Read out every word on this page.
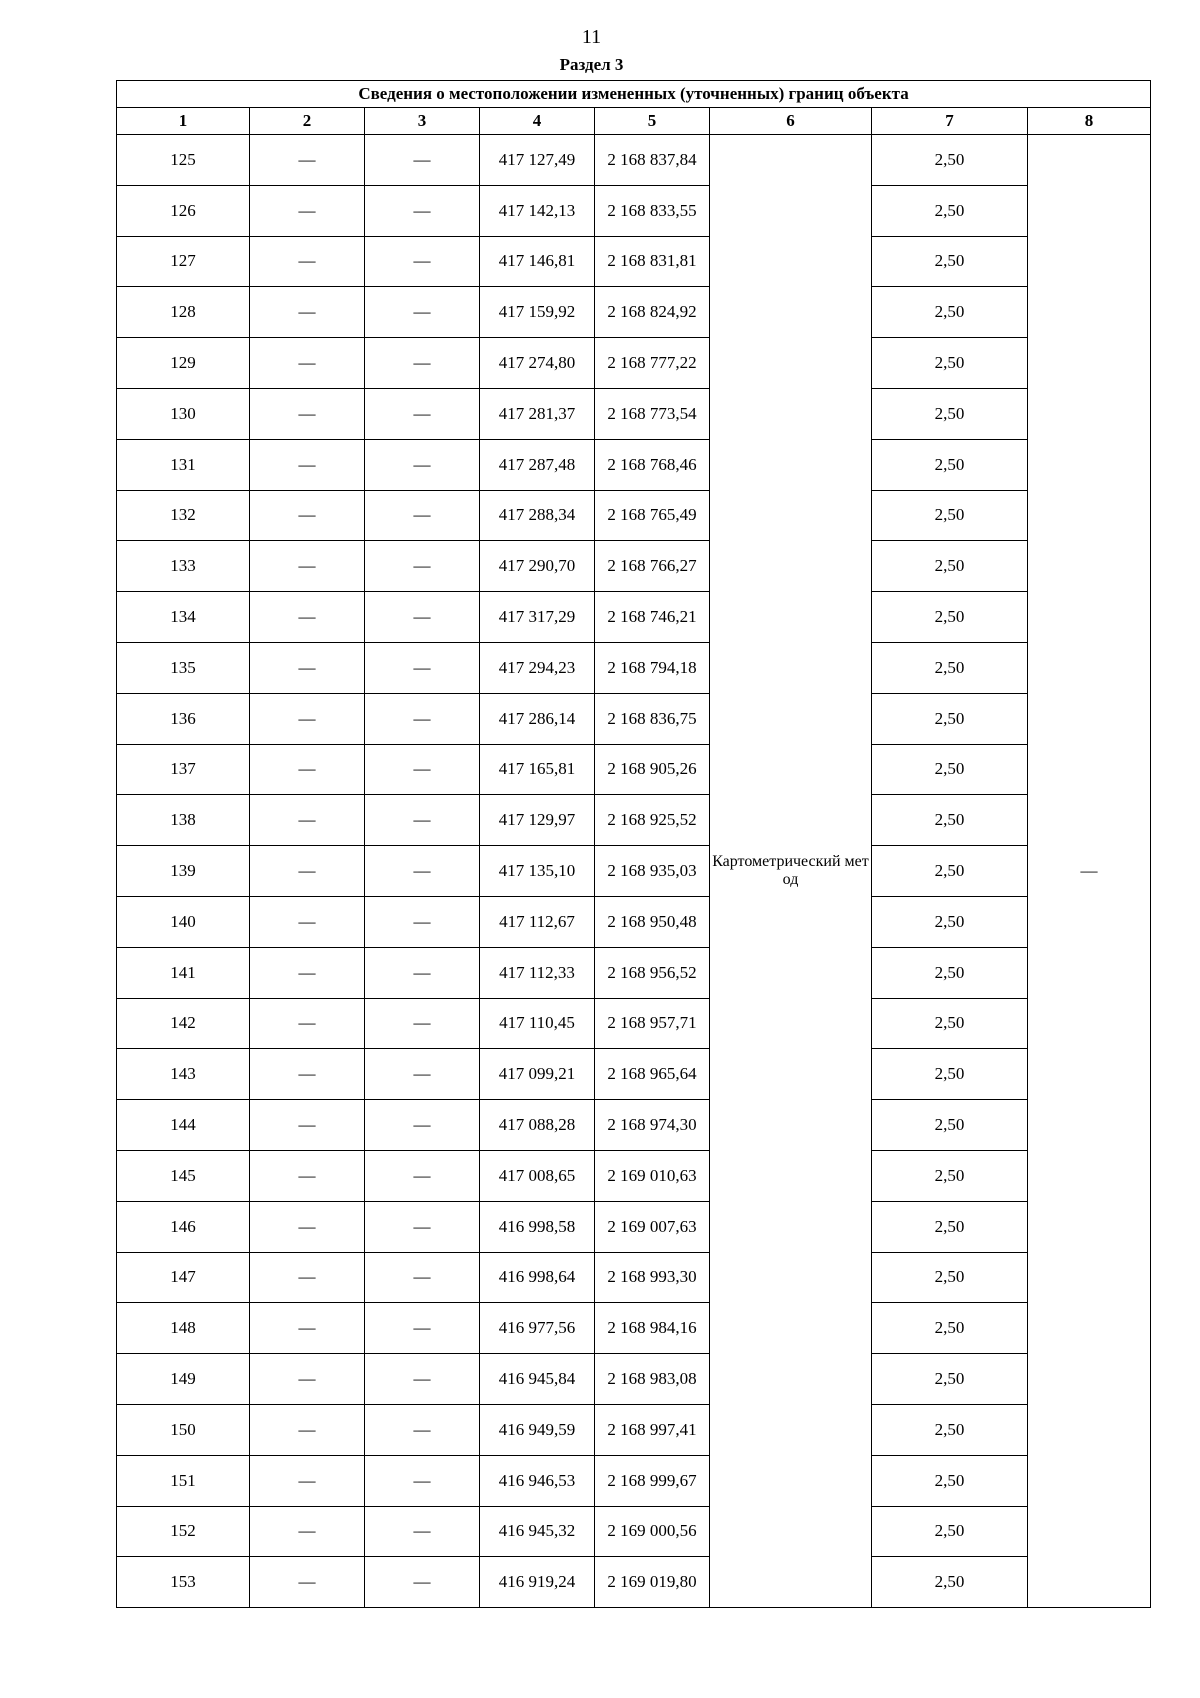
11
Раздел 3
Сведения о местоположении измененных (уточненных) границ объекта							
1	2	3	4	5	6	7	8
125	—	—	417 127,49	2 168 837,84	Картометрический метод	2,50	—
126	—	—	417 142,13	2 168 833,55		2,50	
127	—	—	417 146,81	2 168 831,81		2,50	
128	—	—	417 159,92	2 168 824,92		2,50	
129	—	—	417 274,80	2 168 777,22		2,50	
130	—	—	417 281,37	2 168 773,54		2,50	
131	—	—	417 287,48	2 168 768,46		2,50	
132	—	—	417 288,34	2 168 765,49		2,50	
133	—	—	417 290,70	2 168 766,27		2,50	
134	—	—	417 317,29	2 168 746,21		2,50	
135	—	—	417 294,23	2 168 794,18		2,50	
136	—	—	417 286,14	2 168 836,75		2,50	
137	—	—	417 165,81	2 168 905,26		2,50	
138	—	—	417 129,97	2 168 925,52		2,50	
139	—	—	417 135,10	2 168 935,03		2,50	
140	—	—	417 112,67	2 168 950,48		2,50	
141	—	—	417 112,33	2 168 956,52		2,50	
142	—	—	417 110,45	2 168 957,71		2,50	
143	—	—	417 099,21	2 168 965,64		2,50	
144	—	—	417 088,28	2 168 974,30		2,50	
145	—	—	417 008,65	2 169 010,63		2,50	
146	—	—	416 998,58	2 169 007,63		2,50	
147	—	—	416 998,64	2 168 993,30		2,50	
148	—	—	416 977,56	2 168 984,16		2,50	
149	—	—	416 945,84	2 168 983,08		2,50	
150	—	—	416 949,59	2 168 997,41		2,50	
151	—	—	416 946,53	2 168 999,67		2,50	
152	—	—	416 945,32	2 169 000,56		2,50	
153	—	—	416 919,24	2 169 019,80		2,50	
